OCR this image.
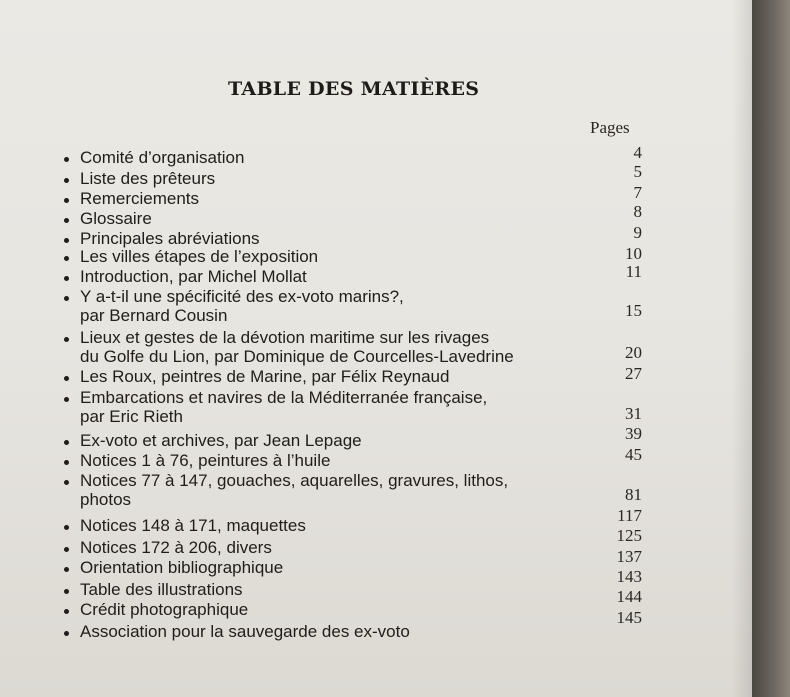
TABLE DES MATIÈRES
Pages
Comité d’organisation
Liste des prêteurs
Remerciements
Glossaire
Principales abréviations
Les villes étapes de l’exposition
Introduction, par Michel Mollat
Y a-t-il une spécificité des ex-voto marins?,
par Bernard Cousin
Lieux et gestes de la dévotion maritime sur les rivages
du Golfe du Lion, par Dominique de Courcelles-Lavedrine
Les Roux, peintres de Marine, par Félix Reynaud
Embarcations et navires de la Méditerranée française,
par Eric Rieth
Ex-voto et archives, par Jean Lepage
Notices 1 à 76, peintures à l’huile
Notices 77 à 147, gouaches, aquarelles, gravures, lithos,
photos
Notices 148 à 171, maquettes
Notices 172 à 206, divers
Orientation bibliographique
Table des illustrations
Crédit photographique
Association pour la sauvegarde des ex-voto
4
5
7
8
9
10
11
15
20
27
31
39
45
81
117
125
137
143
144
145
